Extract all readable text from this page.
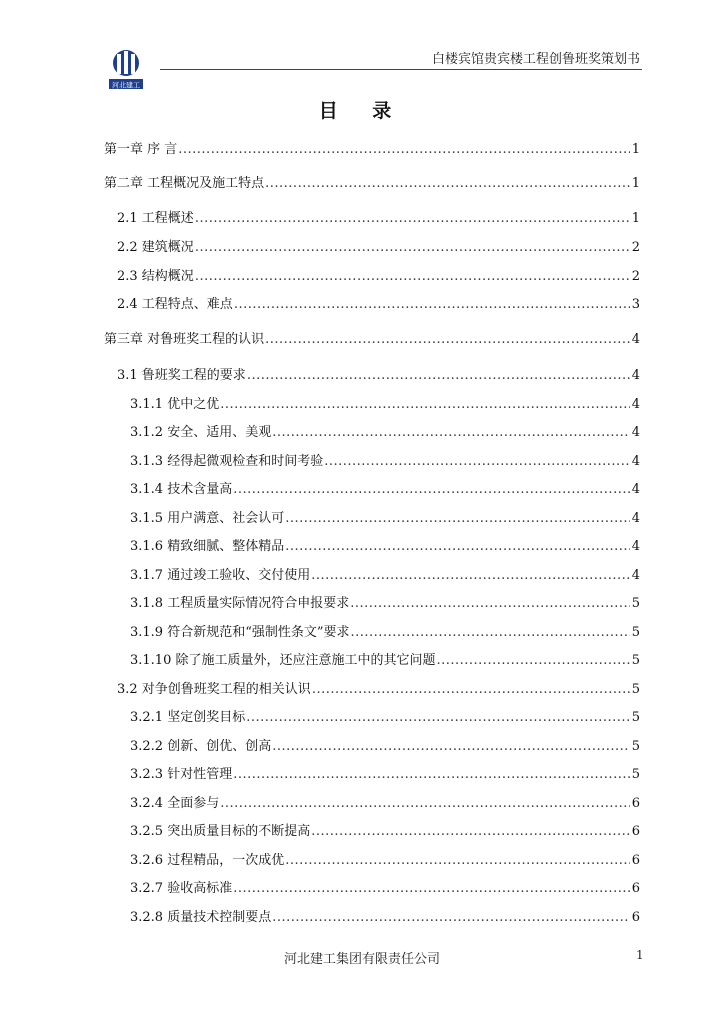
河北建工
白楼宾馆贵宾楼工程创鲁班奖策划书
目 录
第一章 序 言 .....	1
第二章 工程概况及施工特点 .....	1
2.1 工程概述 .....	1
2.2 建筑概况 .....	2
2.3 结构概况 .....	2
2.4 工程特点、难点 .....	3
第三章 对鲁班奖工程的认识 .....	4
3.1 鲁班奖工程的要求 .....	4
3.1.1 优中之优 .....	4
3.1.2 安全、适用、美观 .....	4
3.1.3 经得起微观检查和时间考验 .....	4
3.1.4 技术含量高 .....	4
3.1.5 用户满意、社会认可 .....	4
3.1.6 精致细腻、整体精品 .....	4
3.1.7 通过竣工验收、交付使用 .....	4
3.1.8 工程质量实际情况符合申报要求 .....	5
3.1.9 符合新规范和“强制性条文”要求 .....	5
3.1.10 除了施工质量外，还应注意施工中的其它问题 .....	5
3.2 对争创鲁班奖工程的相关认识 .....	5
3.2.1 坚定创奖目标 .....	5
3.2.2 创新、创优、创高 .....	5
3.2.3 针对性管理 .....	5
3.2.4 全面参与 .....	6
3.2.5 突出质量目标的不断提高 .....	6
3.2.6 过程精品，一次成优 .....	6
3.2.7 验收高标准 .....	6
3.2.8 质量技术控制要点 .....	6
河北建工集团有限责任公司	1
